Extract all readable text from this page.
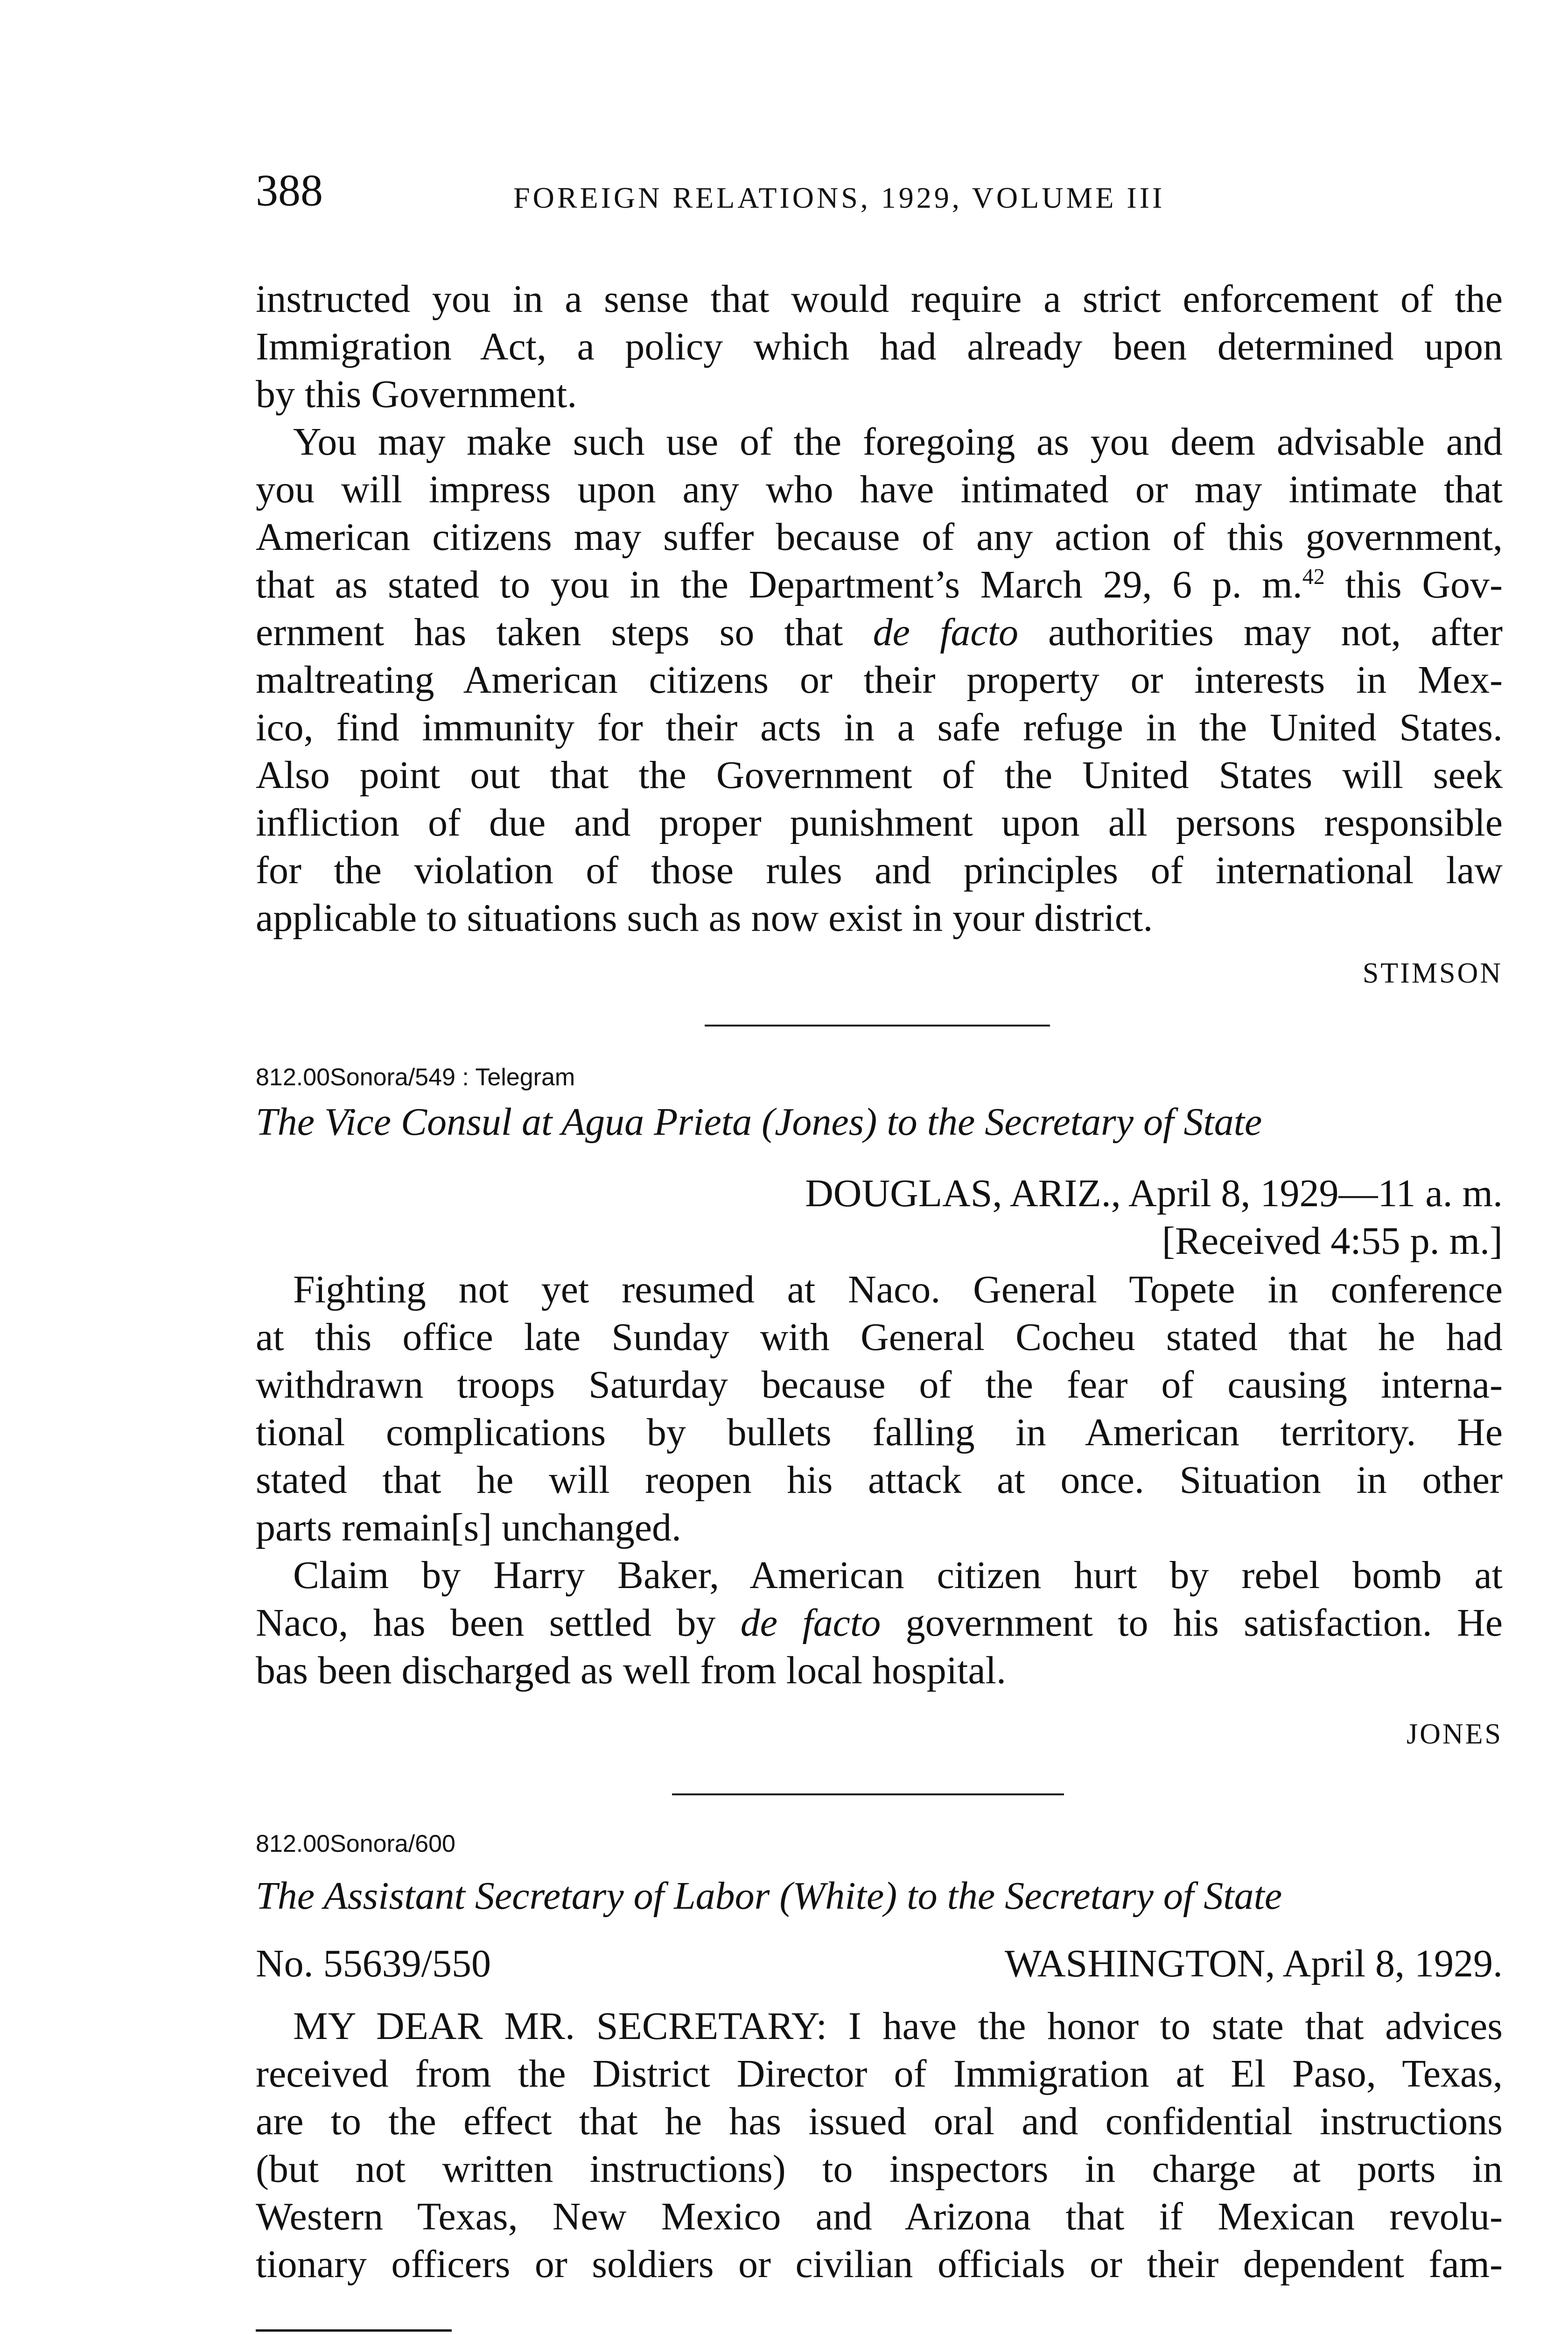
388	FOREIGN RELATIONS, 1929, VOLUME III

instructed you in a sense that would require a strict enforcement of the
Immigration Act, a policy which had already been determined upon
by this Government.

You may make such use of the foregoing as you deem advisable and
you will impress upon any who have intimated or may intimate that
American citizens may suffer because of any action of this government,
that as stated to you in the Department’s March 29, 6 p. m.$^{42}$ this Gov-
ernment has taken steps so that de facto authorities may not, after
maltreating American citizens or their property or interests in Mex-
ico, find immunity for their acts in a safe refuge in the United States.
Also point out that the Government of the United States will seek
infliction of due and proper punishment upon all persons responsible
for the violation of those rules and principles of international law
applicable to situations such as now exist in your district.

STIMSON
812.00Sonora/549 : Telegram
The Vice Consul at Agua Prieta (Jones) to the Secretary of State
DOUGLAS, ARIZ., April 8, 1929—11 a. m.
[Received 4:55 p. m.]

Fighting not yet resumed at Naco. General Topete in conference
at this office late Sunday with General Cocheu stated that he had
withdrawn troops Saturday because of the fear of causing interna-
tional complications by bullets falling in American territory. He
stated that he will reopen his attack at once. Situation in other
parts remain[s] unchanged.

Claim by Harry Baker, American citizen hurt by rebel bomb at
Naco, has been settled by de facto government to his satisfaction. He
bas been discharged as well from local hospital.

JONES
812.00Sonora/600
The Assistant Secretary of Labor (White) to the Secretary of State
No. 55639/550	WASHINGTON, April 8, 1929.

MY DEAR MR. SECRETARY: I have the honor to state that advices
received from the District Director of Immigration at El Paso, Texas,
are to the effect that he has issued oral and confidential instructions
(but not written instructions) to inspectors in charge at ports in
Western Texas, New Mexico and Arizona that if Mexican revolu-
tionary officers or soldiers or civilian officials or their dependent fam-
